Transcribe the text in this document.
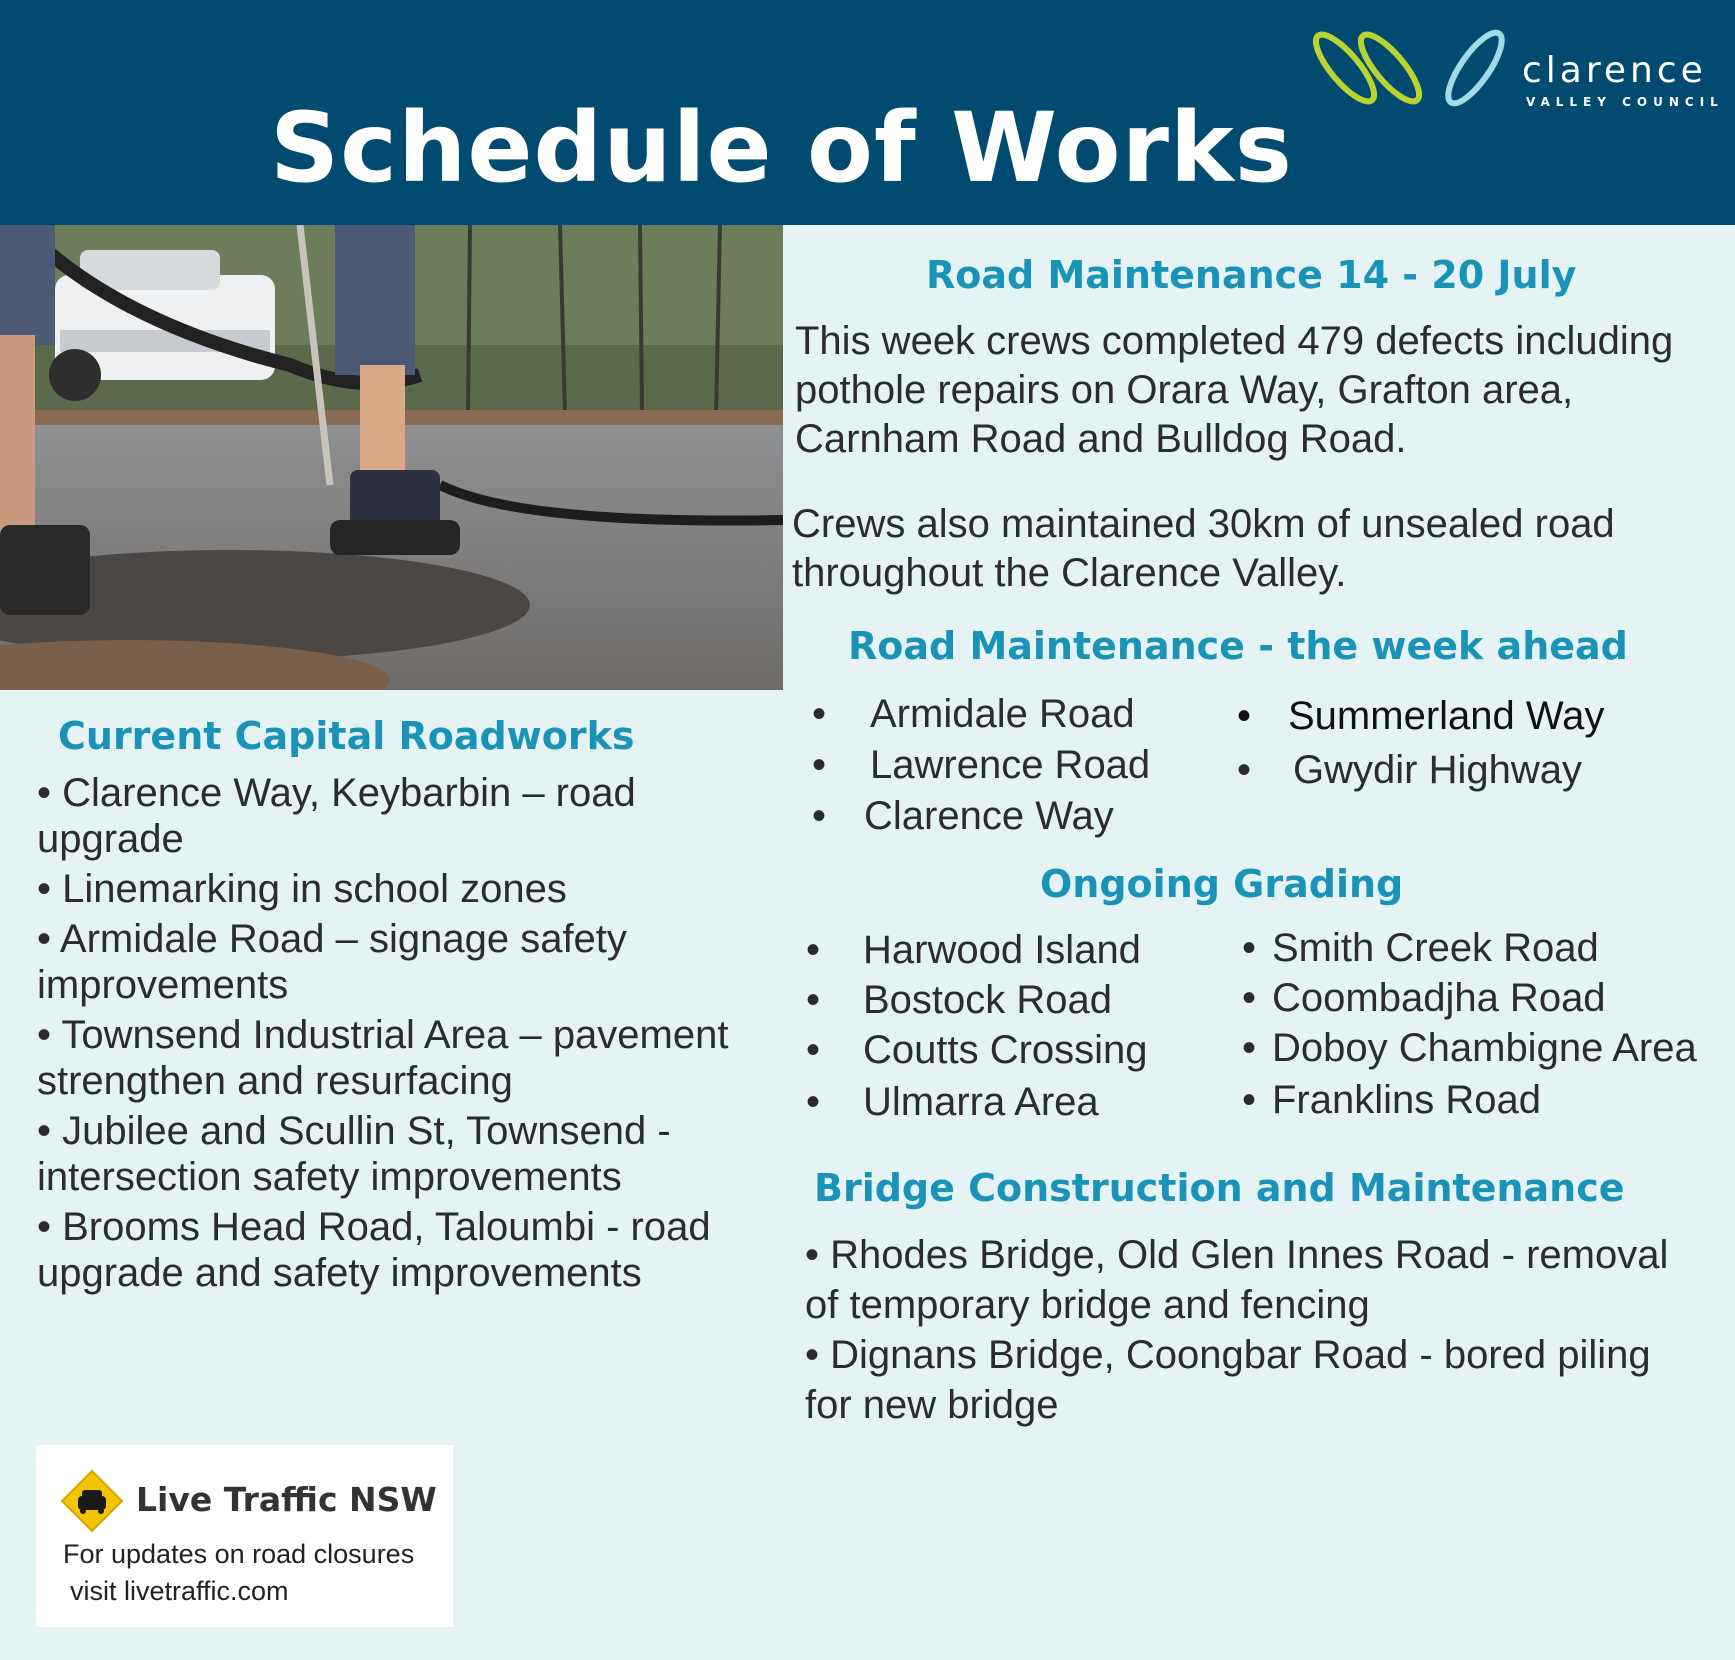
Schedule of Works

clarence

VALLEY COUNCIL

Road Maintenance 14 - 20 July

This week crews completed 479 defects including pothole repairs on Orara Way, Grafton area, Carnham Road and Bulldog Road.

Crews also maintained 30km of unsealed road throughout the Clarence Valley.

Road Maintenance - the week ahead
• Armidale Road
• Lawrence Road
• Clarence Way
• Summerland Way
• Gwydir Highway
Ongoing Grading
• Harwood Island
• Bostock Road
• Coutts Crossing
• Ulmarra Area
• Smith Creek Road
• Coombadjha Road
• Doboy Chambigne Area
• Franklins Road
Bridge Construction and Maintenance
• Rhodes Bridge, Old Glen Innes Road - removal of temporary bridge and fencing
• Dignans Bridge, Coongbar Road - bored piling for new bridge
Current Capital Roadworks
• Clarence Way, Keybarbin – road upgrade
• Linemarking in school zones
• Armidale Road – signage safety improvements
• Townsend Industrial Area – pavement strengthen and resurfacing
• Jubilee and Scullin St, Townsend - intersection safety improvements
• Brooms Head Road, Taloumbi - road upgrade and safety improvements

Live Traffic NSW

For updates on road closures

visit livetraffic.com
